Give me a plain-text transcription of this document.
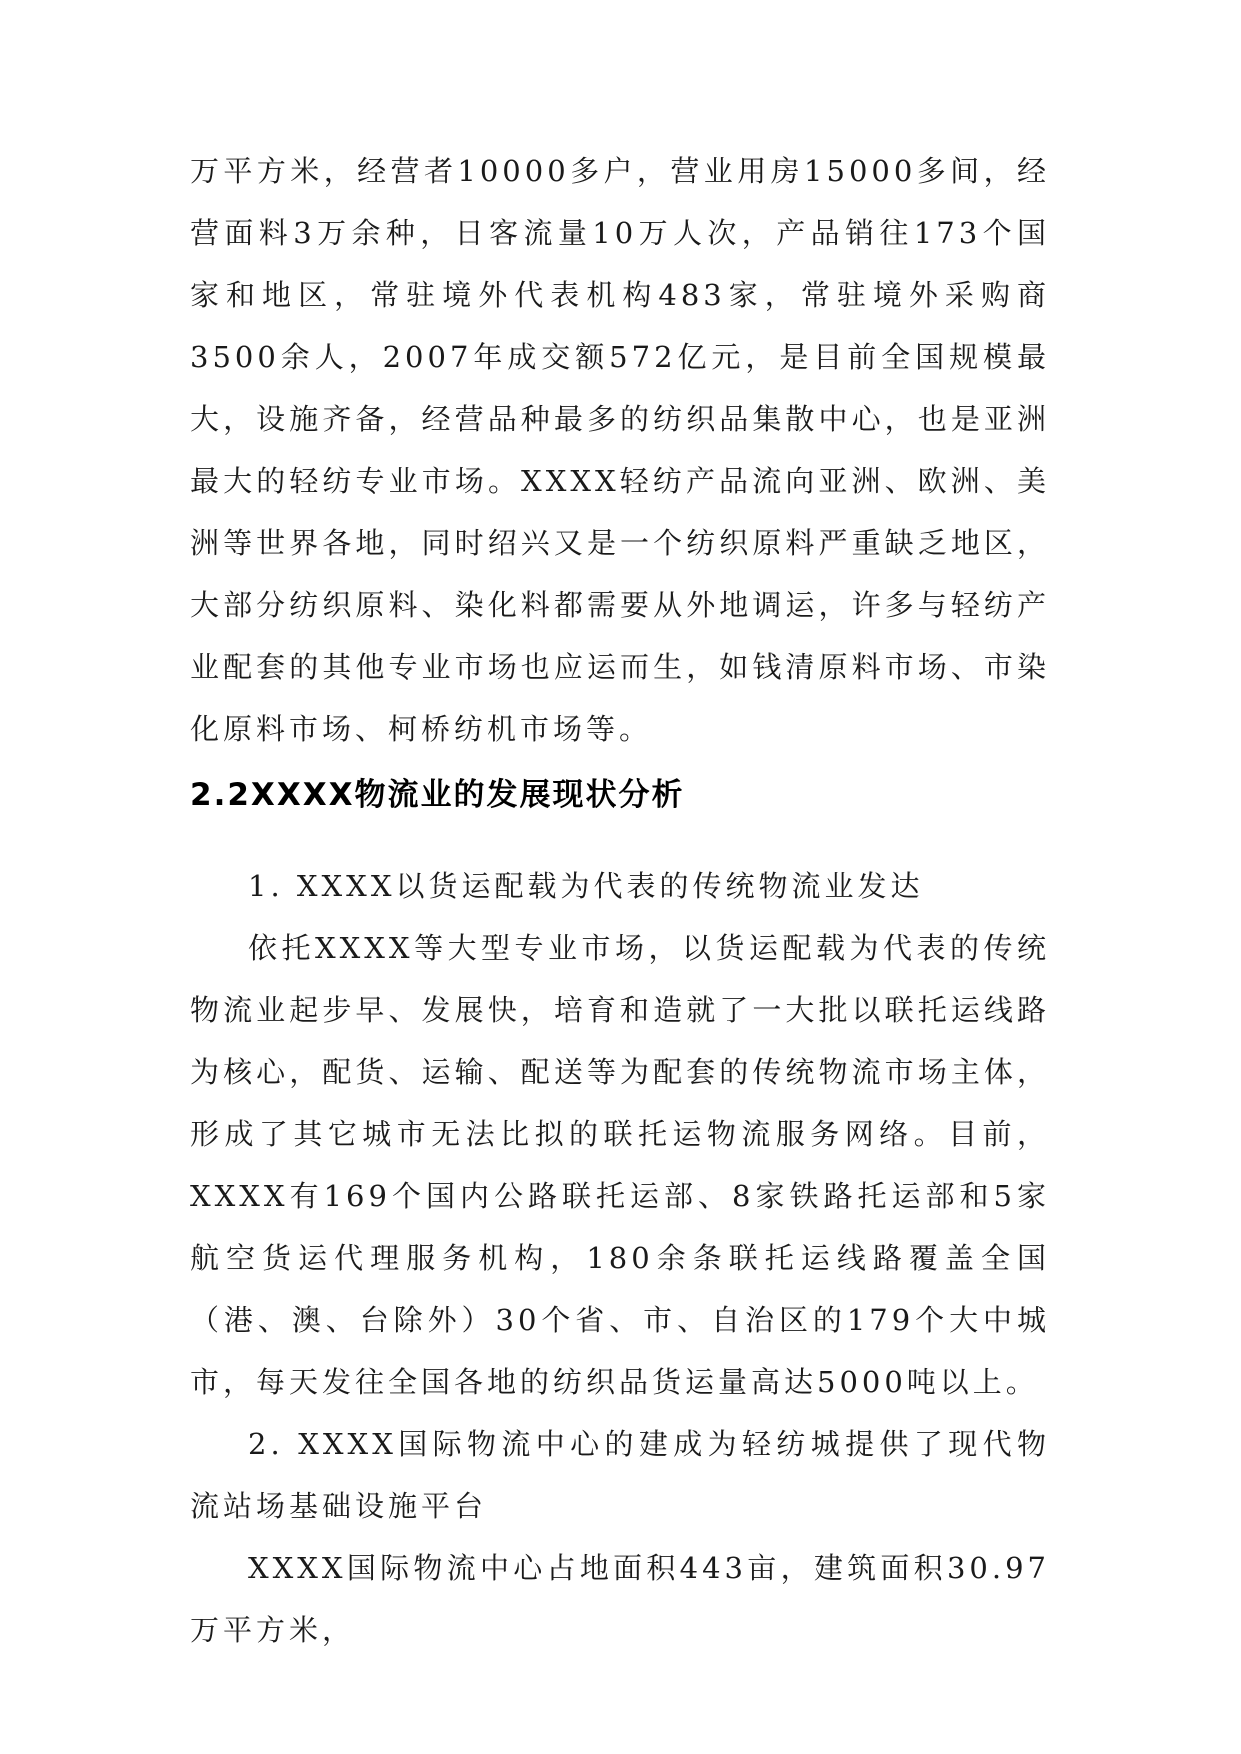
万平方米，经营者10000多户，营业用房15000多间，经营面料3万余种，日客流量10万人次，产品销往173个国家和地区，常驻境外代表机构483家，常驻境外采购商3500余人，2007年成交额572亿元，是目前全国规模最大，设施齐备，经营品种最多的纺织品集散中心，也是亚洲最大的轻纺专业市场。XXXX轻纺产品流向亚洲、欧洲、美洲等世界各地，同时绍兴又是一个纺织原料严重缺乏地区，大部分纺织原料、染化料都需要从外地调运，许多与轻纺产业配套的其他专业市场也应运而生，如钱清原料市场、市染化原料市场、柯桥纺机市场等。

2.2XXXX物流业的发展现状分析

1. XXXX以货运配载为代表的传统物流业发达

依托XXXX等大型专业市场，以货运配载为代表的传统物流业起步早、发展快，培育和造就了一大批以联托运线路为核心，配货、运输、配送等为配套的传统物流市场主体，形成了其它城市无法比拟的联托运物流服务网络。目前，XXXX有169个国内公路联托运部、8家铁路托运部和5家航空货运代理服务机构，180余条联托运线路覆盖全国（港、澳、台除外）30个省、市、自治区的179个大中城市，每天发往全国各地的纺织品货运量高达5000吨以上。

2. XXXX国际物流中心的建成为轻纺城提供了现代物流站场基础设施平台

XXXX国际物流中心占地面积443亩，建筑面积30.97万平方米，
